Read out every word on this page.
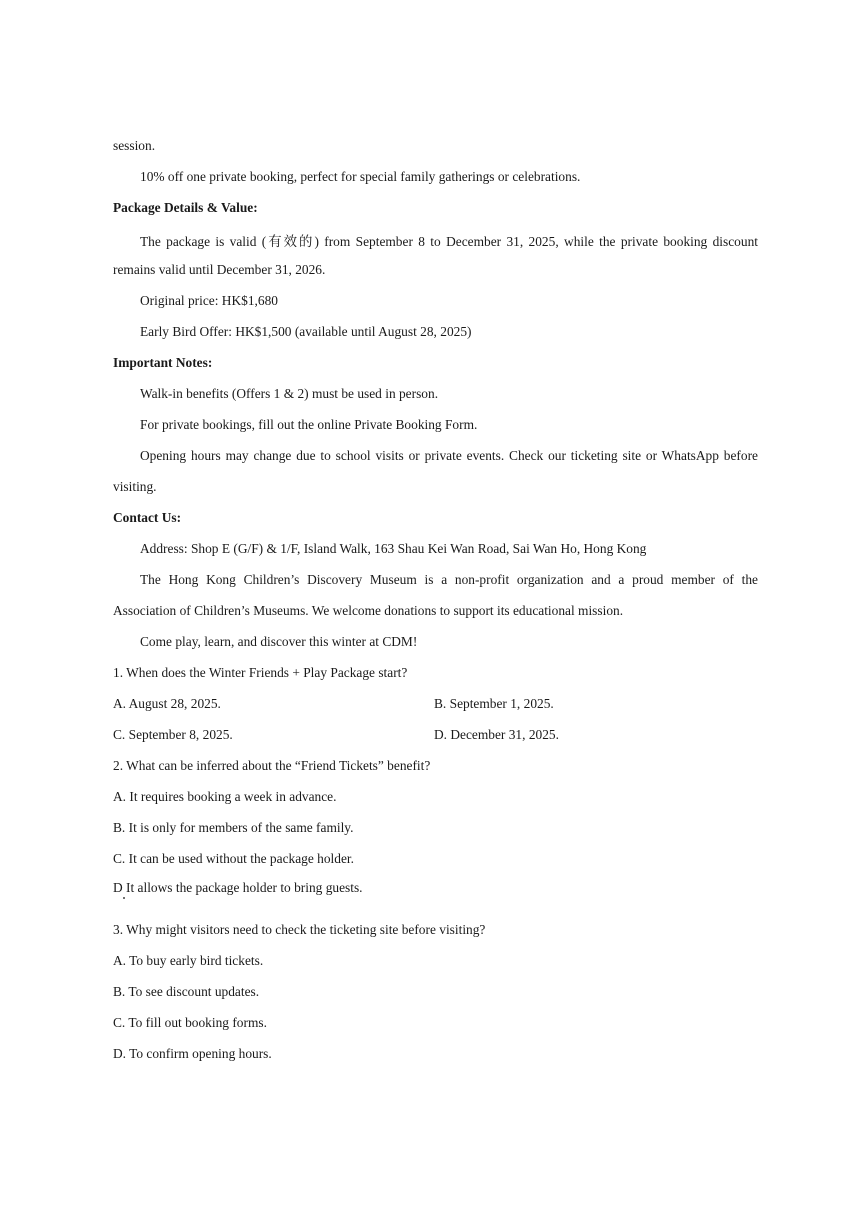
session.
10% off one private booking, perfect for special family gatherings or celebrations.
Package Details & Value:
The package is valid (有效的) from September 8 to December 31, 2025, while the private booking discount
remains valid until December 31, 2026.
Original price: HK$1,680
Early Bird Offer: HK$1,500 (available until August 28, 2025)
Important Notes:
Walk-in benefits (Offers 1 & 2) must be used in person.
For private bookings, fill out the online Private Booking Form.
Opening hours may change due to school visits or private events. Check our ticketing site or WhatsApp before
visiting.
Contact Us:
Address: Shop E (G/F) & 1/F, Island Walk, 163 Shau Kei Wan Road, Sai Wan Ho, Hong Kong
The Hong Kong Children’s Discovery Museum is a non-profit organization and a proud member of the
Association of Children’s Museums. We welcome donations to support its educational mission.
Come play, learn, and discover this winter at CDM!
1. When does the Winter Friends + Play Package start?
A. August 28, 2025.	B. September 1, 2025.
C. September 8, 2025.	D. December 31, 2025.
2. What can be inferred about the “Friend Tickets” benefit?
A. It requires booking a week in advance.
B. It is only for members of the same family.
C. It can be used without the package holder.
D It allows the package holder to bring guests.
3. Why might visitors need to check the ticketing site before visiting?
A. To buy early bird tickets.
B. To see discount updates.
C. To fill out booking forms.
D. To confirm opening hours.
